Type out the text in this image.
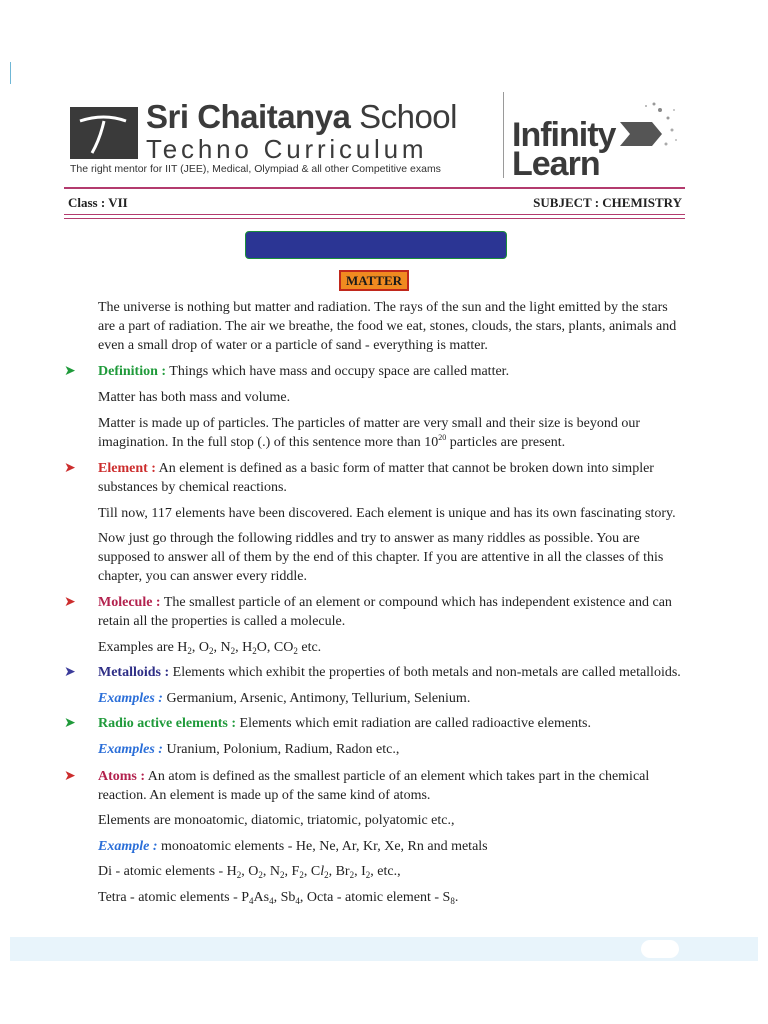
Sri Chaitanya School
Techno Curriculum
The right mentor for IIT (JEE), Medical, Olympiad & all other Competitive exams
Infinity
Learn
Class : VII	SUBJECT : CHEMISTRY
MATTER
The universe is nothing but matter and radiation. The rays of the sun and the light emitted by the stars are a part of radiation. The air we breathe, the food we eat, stones, clouds, the stars, plants, animals and even a small drop of water or a particle of sand - everything is matter.
➤ Definition : Things which have mass and occupy space are called matter.
Matter has both mass and volume.
Matter is made up of particles. The particles of matter are very small and their size is beyond our imagination. In the full stop (.) of this sentence more than $10^{20}$ particles are present.
➤ Element : An element is defined as a basic form of matter that cannot be broken down into simpler substances by chemical reactions.
Till now, 117 elements have been discovered. Each element is unique and has its own fascinating story.
Now just go through the following riddles and try to answer as many riddles as possible. You are supposed to answer all of them by the end of this chapter. If you are attentive in all the classes of this chapter, you can answer every riddle.
➤ Molecule : The smallest particle of an element or compound which has independent existence and can retain all the properties is called a molecule.
Examples are $H_2$, $O_2$, $N_2$, $H_2O$, $CO_2$ etc.
➤ Metalloids : Elements which exhibit the properties of both metals and non-metals are called metalloids.
Examples : Germanium, Arsenic, Antimony, Tellurium, Selenium.
➤ Radio active elements : Elements which emit radiation are called radioactive elements.
Examples : Uranium, Polonium, Radium, Radon etc.,
➤ Atoms : An atom is defined as the smallest particle of an element which takes part in the chemical reaction. An element is made up of the same kind of atoms.
Elements are monoatomic, diatomic, triatomic, polyatomic etc.,
Example : monoatomic elements - He, Ne, Ar, Kr, Xe, Rn and metals
Di - atomic elements - $H_2$, $O_2$, $N_2$, $F_2$, $Cl_2$, $Br_2$, $I_2$, etc.,
Tetra - atomic elements - $P_4As_4$, $Sb_4$, Octa - atomic element - $S_8$.
